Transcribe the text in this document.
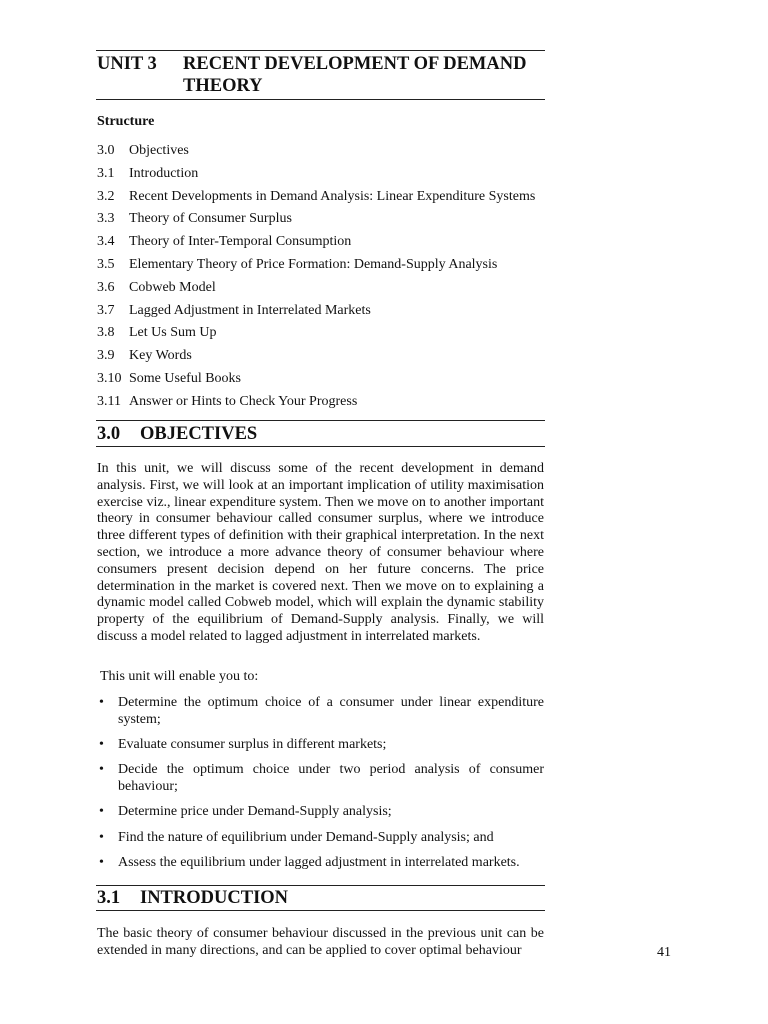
UNIT 3 RECENT DEVELOPMENT OF DEMAND THEORY
Structure
3.0 Objectives
3.1 Introduction
3.2 Recent Developments in Demand Analysis: Linear Expenditure Systems
3.3 Theory of Consumer Surplus
3.4 Theory of Inter-Temporal Consumption
3.5 Elementary Theory of Price Formation: Demand-Supply Analysis
3.6 Cobweb Model
3.7 Lagged Adjustment in Interrelated Markets
3.8 Let Us Sum Up
3.9 Key Words
3.10 Some Useful Books
3.11 Answer or Hints to Check Your Progress
3.0 OBJECTIVES

In this unit, we will discuss some of the recent development in demand analysis. First, we will look at an important implication of utility maximisation exercise viz., linear expenditure system. Then we move on to another important theory in consumer behaviour called consumer surplus, where we introduce three different types of definition with their graphical interpretation. In the next section, we introduce a more advance theory of consumer behaviour where consumers present decision depend on her future concerns. The price determination in the market is covered next. Then we move on to explaining a dynamic model called Cobweb model, which will explain the dynamic stability property of the equilibrium of Demand-Supply analysis. Finally, we will discuss a model related to lagged adjustment in interrelated markets.

This unit will enable you to:
• Determine the optimum choice of a consumer under linear expenditure system;
• Evaluate consumer surplus in different markets;
• Decide the optimum choice under two period analysis of consumer behaviour;
• Determine price under Demand-Supply analysis;
• Find the nature of equilibrium under Demand-Supply analysis; and
• Assess the equilibrium under lagged adjustment in interrelated markets.
3.1 INTRODUCTION

The basic theory of consumer behaviour discussed in the previous unit can be extended in many directions, and can be applied to cover optimal behaviour	41
